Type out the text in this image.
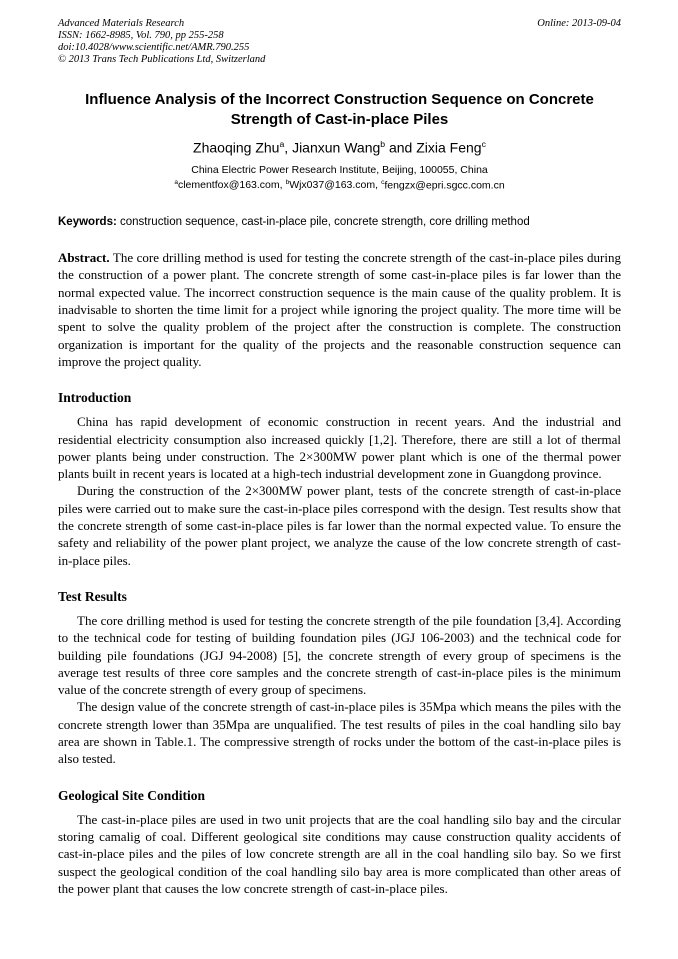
Advanced Materials Research
ISSN: 1662-8985, Vol. 790, pp 255-258
doi:10.4028/www.scientific.net/AMR.790.255
© 2013 Trans Tech Publications Ltd, Switzerland
Online: 2013-09-04
Influence Analysis of the Incorrect Construction Sequence on Concrete Strength of Cast-in-place Piles
Zhaoqing Zhu$^a$, Jianxun Wang$^b$ and Zixia Feng$^c$
China Electric Power Research Institute, Beijing, 100055, China
$^a$clementfox@163.com, $^b$Wjx037@163.com, $^c$fengzx@epri.sgcc.com.cn
Keywords: construction sequence, cast-in-place pile, concrete strength, core drilling method
Abstract. The core drilling method is used for testing the concrete strength of the cast-in-place piles during the construction of a power plant. The concrete strength of some cast-in-place piles is far lower than the normal expected value. The incorrect construction sequence is the main cause of the quality problem. It is inadvisable to shorten the time limit for a project while ignoring the project quality. The more time will be spent to solve the quality problem of the project after the construction is complete. The construction organization is important for the quality of the projects and the reasonable construction sequence can improve the project quality.
Introduction

China has rapid development of economic construction in recent years. And the industrial and residential electricity consumption also increased quickly [1,2]. Therefore, there are still a lot of thermal power plants being under construction. The 2×300MW power plant which is one of the thermal power plants built in recent years is located at a high-tech industrial development zone in Guangdong province.

During the construction of the 2×300MW power plant, tests of the concrete strength of cast-in-place piles were carried out to make sure the cast-in-place piles correspond with the design. Test results show that the concrete strength of some cast-in-place piles is far lower than the normal expected value. To ensure the safety and reliability of the power plant project, we analyze the cause of the low concrete strength of cast-in-place piles.

Test Results

The core drilling method is used for testing the concrete strength of the pile foundation [3,4]. According to the technical code for testing of building foundation piles (JGJ 106-2003) and the technical code for building pile foundations (JGJ 94-2008) [5], the concrete strength of every group of specimens is the average test results of three core samples and the concrete strength of cast-in-place piles is the minimum value of the concrete strength of every group of specimens.

The design value of the concrete strength of cast-in-place piles is 35Mpa which means the piles with the concrete strength lower than 35Mpa are unqualified. The test results of piles in the coal handling silo bay area are shown in Table.1. The compressive strength of rocks under the bottom of the cast-in-place piles is also tested.

Geological Site Condition

The cast-in-place piles are used in two unit projects that are the coal handling silo bay and the circular storing camalig of coal. Different geological site conditions may cause construction quality accidents of cast-in-place piles and the piles of low concrete strength are all in the coal handling silo bay. So we first suspect the geological condition of the coal handling silo bay area is more complicated than other areas of the power plant that causes the low concrete strength of cast-in-place piles.
